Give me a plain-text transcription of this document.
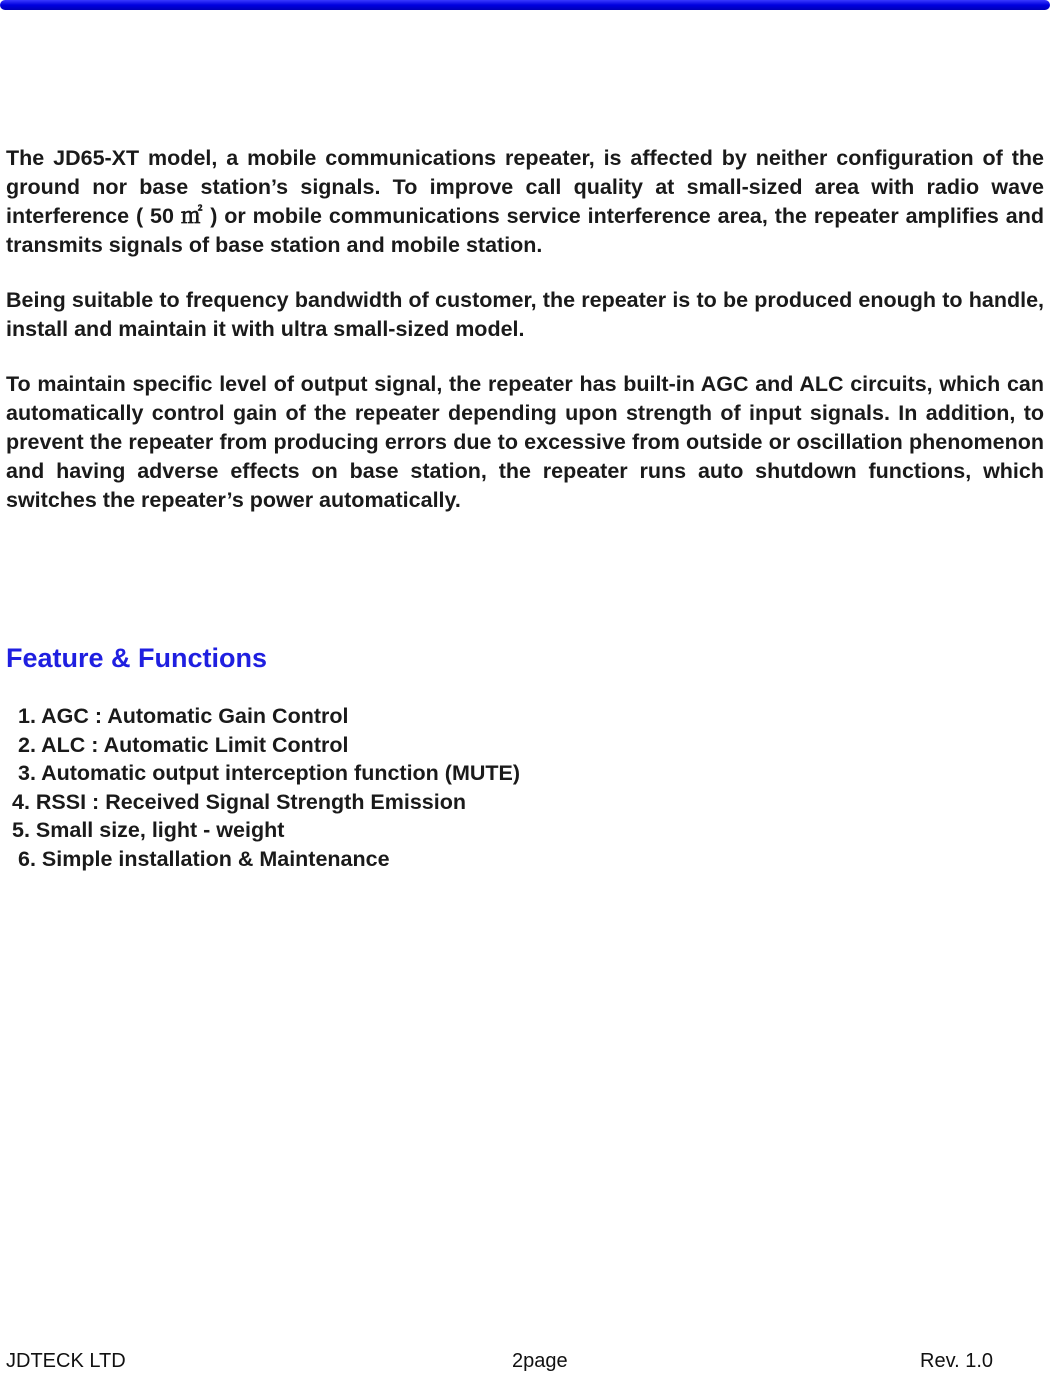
The JD65-XT model, a mobile communications repeater, is affected by neither configuration of the ground nor base station’s signals. To improve call quality at small-sized area with radio wave interference ( 50 ㎡ ) or mobile communications service interference area, the repeater amplifies and transmits signals of base station and mobile station.

Being suitable to frequency bandwidth of customer, the repeater is to be produced enough to handle, install and maintain it with ultra small-sized model.

To maintain specific level of output signal, the repeater has built-in AGC and ALC circuits, which can automatically control gain of the repeater depending upon strength of input signals. In addition, to prevent the repeater from producing errors due to excessive from outside or oscillation phenomenon and having adverse effects on base station, the repeater runs auto shutdown functions, which switches the repeater’s power automatically.

Feature & Functions
1. AGC : Automatic Gain Control
2. ALC : Automatic Limit Control
3. Automatic output interception function (MUTE)
4. RSSI : Received Signal Strength Emission
5. Small size, light - weight
6. Simple installation & Maintenance
JDTECK LTD	2page	Rev. 1.0
